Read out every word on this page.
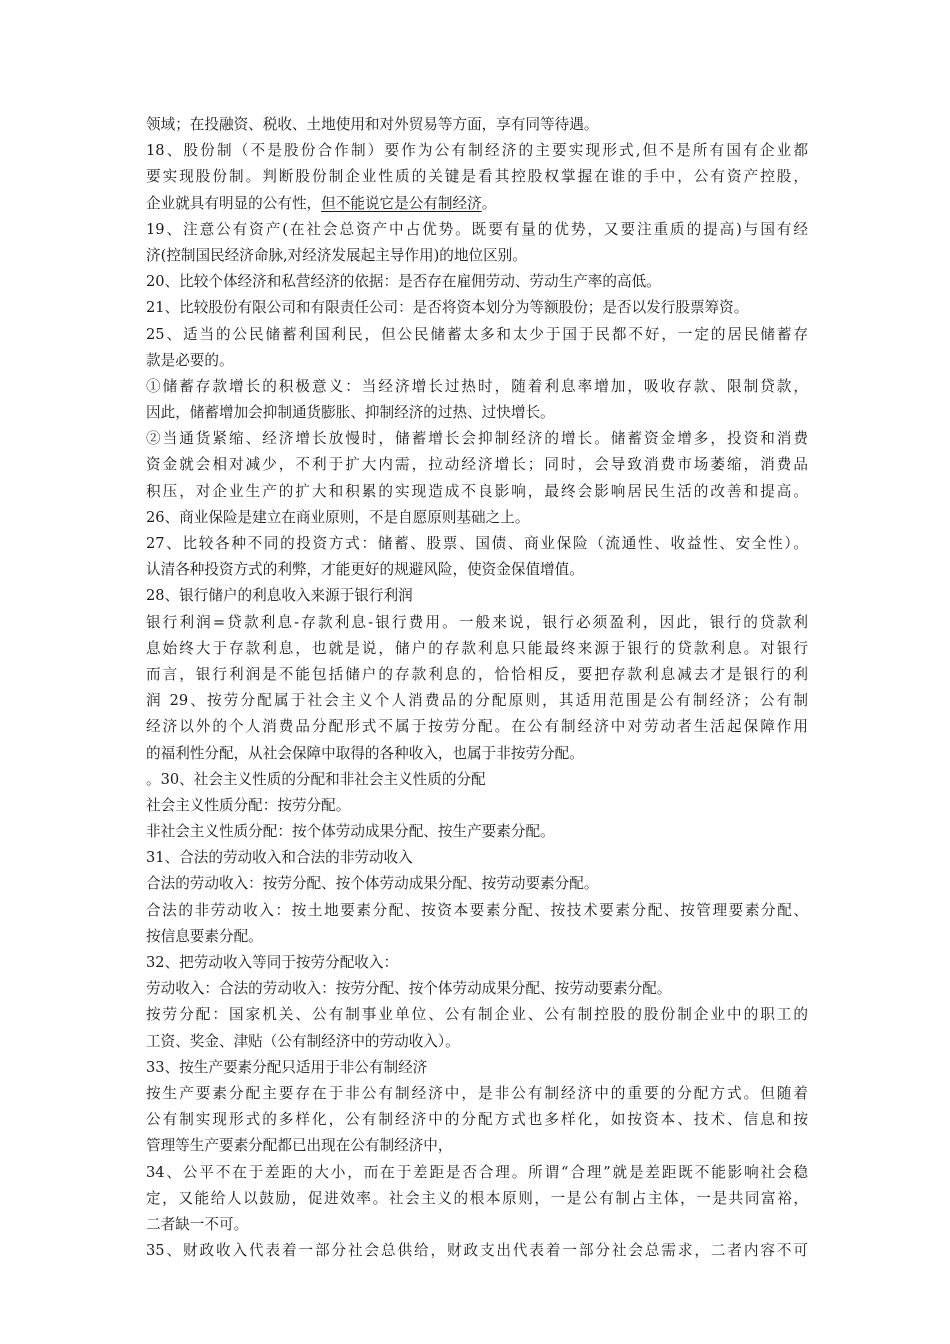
领域；在投融资、税收、土地使用和对外贸易等方面，享有同等待遇。
18、股份制（不是股份合作制）要作为公有制经济的主要实现形式,但不是所有国有企业都
要实现股份制。判断股份制企业性质的关键是看其控股权掌握在谁的手中，公有资产控股，
企业就具有明显的公有性，但不能说它是公有制经济。
19、注意公有资产(在社会总资产中占优势。既要有量的优势，又要注重质的提高)与国有经
济(控制国民经济命脉,对经济发展起主导作用)的地位区别。
20、比较个体经济和私营经济的依据：是否存在雇佣劳动、劳动生产率的高低。
21、比较股份有限公司和有限责任公司：是否将资本划分为等额股份；是否以发行股票筹资。
25、适当的公民储蓄利国利民，但公民储蓄太多和太少于国于民都不好，一定的居民储蓄存
款是必要的。
①储蓄存款增长的积极意义：当经济增长过热时，随着利息率增加，吸收存款、限制贷款，
因此，储蓄增加会抑制通货膨胀、抑制经济的过热、过快增长。
②当通货紧缩、经济增长放慢时，储蓄增长会抑制经济的增长。储蓄资金增多，投资和消费
资金就会相对减少，不利于扩大内需，拉动经济增长；同时，会导致消费市场萎缩，消费品
积压，对企业生产的扩大和积累的实现造成不良影响，最终会影响居民生活的改善和提高。
26、商业保险是建立在商业原则，不是自愿原则基础之上。
27、比较各种不同的投资方式：储蓄、股票、国债、商业保险（流通性、收益性、安全性）。
认清各种投资方式的利弊，才能更好的规避风险，使资金保值增值。
28、银行储户的利息收入来源于银行利润
银行利润=贷款利息-存款利息-银行费用。一般来说，银行必须盈利，因此，银行的贷款利
息始终大于存款利息，也就是说，储户的存款利息只能最终来源于银行的贷款利息。对银行
而言，银行利润是不能包括储户的存款利息的，恰恰相反，要把存款利息减去才是银行的利
润 29、按劳分配属于社会主义个人消费品的分配原则，其适用范围是公有制经济；公有制
经济以外的个人消费品分配形式不属于按劳分配。在公有制经济中对劳动者生活起保障作用
的福利性分配，从社会保障中取得的各种收入，也属于非按劳分配。
。30、社会主义性质的分配和非社会主义性质的分配
社会主义性质分配：按劳分配。
非社会主义性质分配：按个体劳动成果分配、按生产要素分配。
31、合法的劳动收入和合法的非劳动收入
合法的劳动收入：按劳分配、按个体劳动成果分配、按劳动要素分配。
合法的非劳动收入：按土地要素分配、按资本要素分配、按技术要素分配、按管理要素分配、
按信息要素分配。
32、把劳动收入等同于按劳分配收入：
劳动收入：合法的劳动收入：按劳分配、按个体劳动成果分配、按劳动要素分配。
按劳分配：国家机关、公有制事业单位、公有制企业、公有制控股的股份制企业中的职工的
工资、奖金、津贴（公有制经济中的劳动收入）。
33、按生产要素分配只适用于非公有制经济
按生产要素分配主要存在于非公有制经济中，是非公有制经济中的重要的分配方式。但随着
公有制实现形式的多样化，公有制经济中的分配方式也多样化，如按资本、技术、信息和按
管理等生产要素分配都已出现在公有制经济中，
34、公平不在于差距的大小，而在于差距是否合理。所谓“合理”就是差距既不能影响社会稳
定，又能给人以鼓励，促进效率。社会主义的根本原则，一是公有制占主体，一是共同富裕，
二者缺一不可。
35、财政收入代表着一部分社会总供给，财政支出代表着一部分社会总需求，二者内容不可
